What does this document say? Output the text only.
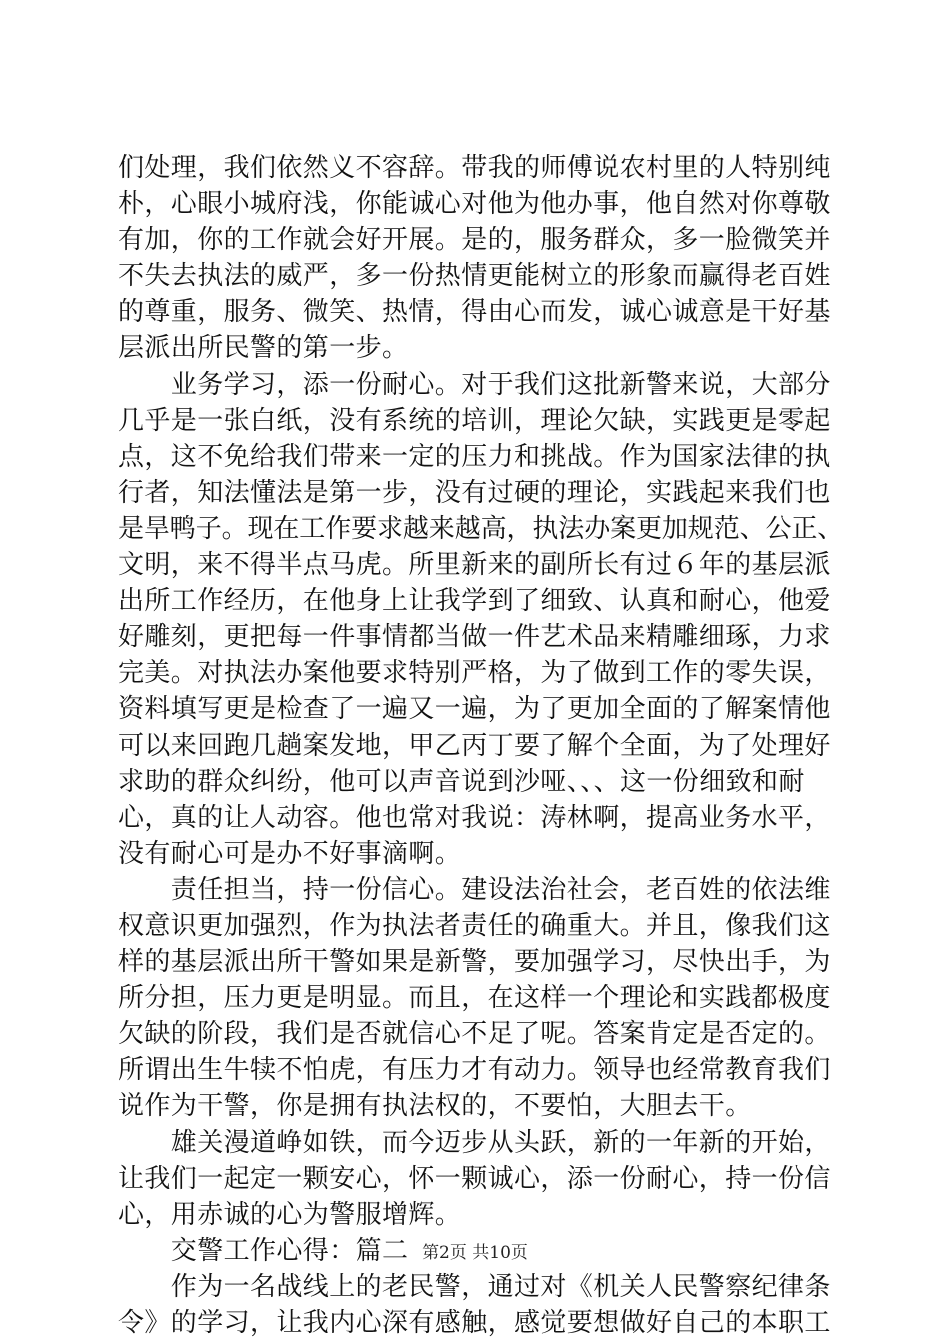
们处理，我们依然义不容辞。带我的师傅说农村里的人特别纯
朴，心眼小城府浅，你能诚心对他为他办事，他自然对你尊敬
有加，你的工作就会好开展。是的，服务群众，多一脸微笑并
不失去执法的威严，多一份热情更能树立的形象而赢得老百姓
的尊重，服务、微笑、热情，得由心而发，诚心诚意是干好基
层派出所民警的第一步。
　　业务学习，添一份耐心。对于我们这批新警来说，大部分
几乎是一张白纸，没有系统的培训，理论欠缺，实践更是零起
点，这不免给我们带来一定的压力和挑战。作为国家法律的执
行者，知法懂法是第一步，没有过硬的理论，实践起来我们也
是旱鸭子。现在工作要求越来越高，执法办案更加规范、公正、
文明，来不得半点马虎。所里新来的副所长有过６年的基层派
出所工作经历，在他身上让我学到了细致、认真和耐心，他爱
好雕刻，更把每一件事情都当做一件艺术品来精雕细琢，力求
完美。对执法办案他要求特别严格，为了做到工作的零失误，
资料填写更是检查了一遍又一遍，为了更加全面的了解案情他
可以来回跑几趟案发地，甲乙丙丁要了解个全面，为了处理好
求助的群众纠纷，他可以声音说到沙哑、、、这一份细致和耐
心，真的让人动容。他也常对我说：涛林啊，提高业务水平，
没有耐心可是办不好事滴啊。
　　责任担当，持一份信心。建设法治社会，老百姓的依法维
权意识更加强烈，作为执法者责任的确重大。并且，像我们这
样的基层派出所干警如果是新警，要加强学习，尽快出手，为
所分担，压力更是明显。而且，在这样一个理论和实践都极度
欠缺的阶段，我们是否就信心不足了呢。答案肯定是否定的。
所谓出生牛犊不怕虎，有压力才有动力。领导也经常教育我们
说作为干警，你是拥有执法权的，不要怕，大胆去干。
　　雄关漫道峥如铁，而今迈步从头跃，新的一年新的开始，
让我们一起定一颗安心，怀一颗诚心，添一份耐心，持一份信
心，用赤诚的心为警服增辉。
　　交警工作心得：篇二
　　作为一名战线上的老民警，通过对《机关人民警察纪律条
令》的学习，让我内心深有感触，感觉要想做好自己的本职工
第2页 共10页
